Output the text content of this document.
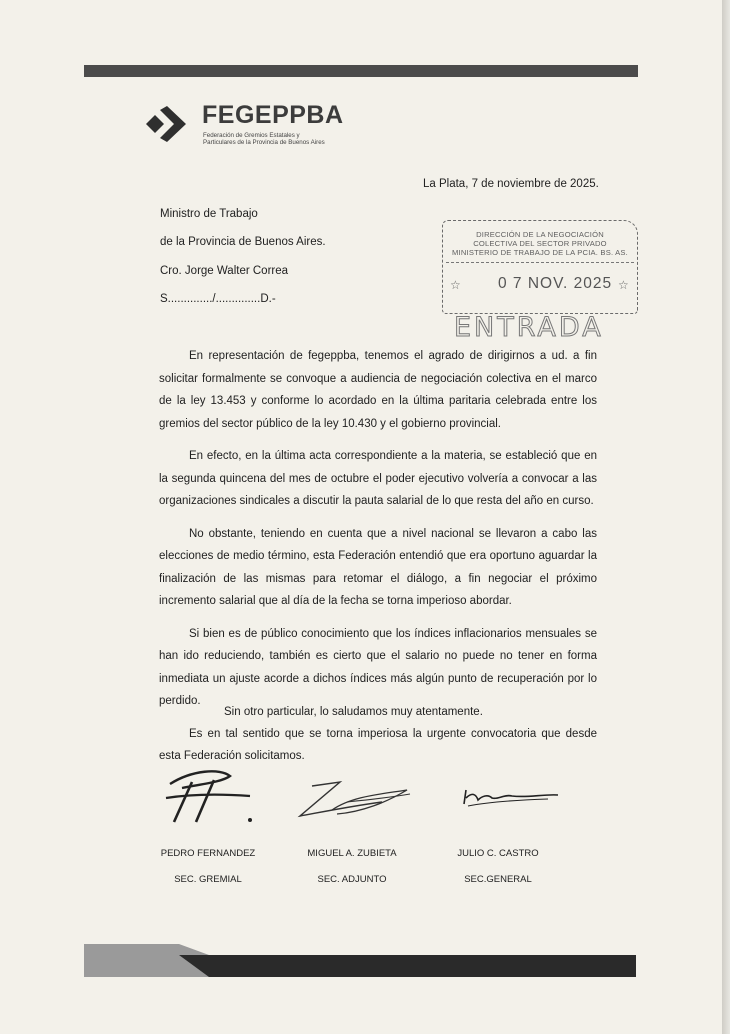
FEGEPPBA
Federación de Gremios Estatales y
Particulares de la Provincia de Buenos Aires
La Plata, 7 de noviembre de 2025.
Ministro de Trabajo
de la Provincia de Buenos Aires.
Cro. Jorge Walter Correa
S............../..............D.-
DIRECCIÓN DE LA NEGOCIACIÓN
COLECTIVA DEL SECTOR PRIVADO
MINISTERIO DE TRABAJO DE LA PCIA. BS. AS.
☆ 0 7 NOV. 2025 ☆
ENTRADA

En representación de fegeppba, tenemos el agrado de dirigirnos a ud. a fin solicitar formalmente se convoque a audiencia de negociación colectiva en el marco de la ley 13.453 y conforme lo acordado en la última paritaria celebrada entre los gremios del sector público de la ley 10.430 y el gobierno provincial.

En efecto, en la última acta correspondiente a la materia, se estableció que en la segunda quincena del mes de octubre el poder ejecutivo volvería a convocar a las organizaciones sindicales a discutir la pauta salarial de lo que resta del año en curso.

No obstante, teniendo en cuenta que a nivel nacional se llevaron a cabo las elecciones de medio término, esta Federación entendió que era oportuno aguardar la finalización de las mismas para retomar el diálogo, a fin negociar el próximo incremento salarial que al día de la fecha se torna imperioso abordar.

Si bien es de público conocimiento que los índices inflacionarios mensuales se han ido reduciendo, también es cierto que el salario no puede no tener en forma inmediata un ajuste acorde a dichos índices más algún punto de recuperación por lo perdido.

Es en tal sentido que se torna imperiosa la urgente convocatoria que desde esta Federación solicitamos.

Sin otro particular, lo saludamos muy atentamente.
PEDRO FERNANDEZ
SEC. GREMIAL
MIGUEL A. ZUBIETA
SEC. ADJUNTO
JULIO C. CASTRO
SEC.GENERAL
